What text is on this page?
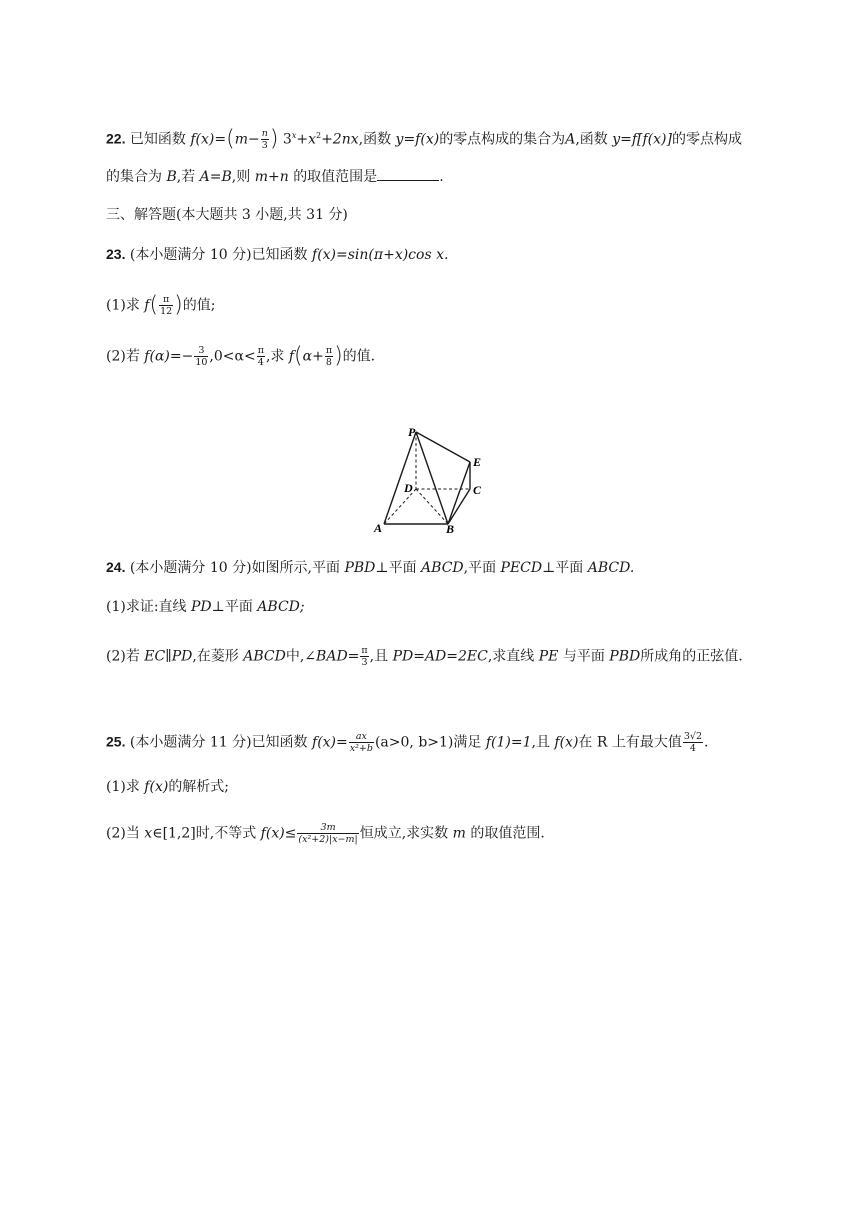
22. 已知函数 $f(x)=(m- \frac{n}{3}$ ) $3^x+x^2+2nx$,函数 y=f(x)的零点构成的集合为A,函数 y=f[f(x)]的零点构成
的集合为 B,若 A=B,则 m+n 的取值范围是	.
三、解答题(本大题共 3 小题,共 31 分)
23. (本小题满分 10 分)已知函数 f(x)=sin(π+x)cos x.
(1)求 $f( \frac{\pi}{12}$ )的值;
(2)若 $f(\alpha)=- \frac{3}{10} ,0<\alpha< \frac{\pi}{4}$ ,求 $f(\alpha+ \frac{\pi}{8}$ )的值.
P
E
D	C
A	B
24. (本小题满分 10 分)如图所示,平面 PBD⊥平面 ABCD,平面 PECD⊥平面 ABCD.
(1)求证:直线 PD⊥平面 ABCD;
(2)若 EC∥PD,在菱形 ABCD中,∠BAD= $\frac{\pi}{3}$ ,且 PD=AD=2EC,求直线 PE 与平面 PBD所成角的正弦值.
25. (本小题满分 11 分)已知函数 $f(x)= \frac{ax}{\text{x²+b}} (a>0$, b>1)满足 f(1)=1,且 f(x)在 R 上有最大值 $\frac{3√2}{4}$ .
(1)求 f(x)的解析式;
(2)当 x∈[1,2]时,不等式 $f(x)\le \frac{3m}{\text{(x²+2)|x−m|}}$ 恒成立,求实数 m 的取值范围.
